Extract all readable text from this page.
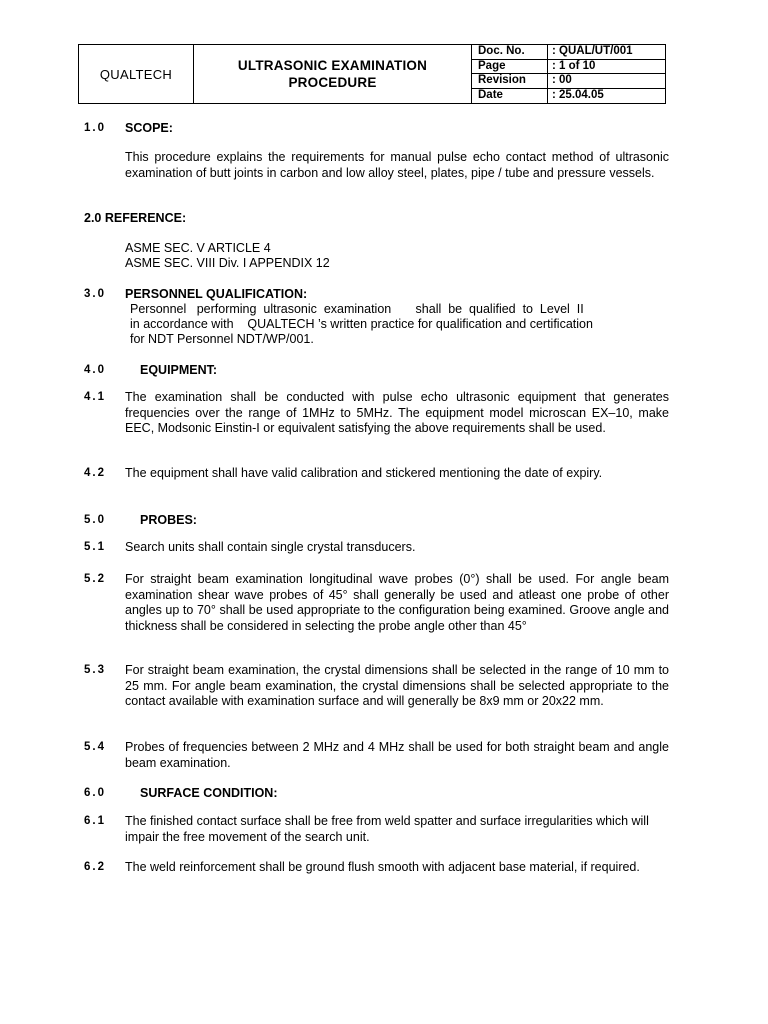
QUALTECH
ULTRASONIC EXAMINATION
PROCEDURE
Doc. No.	: QUAL/UT/001
Page	: 1 of 10
Revision	: 00
Date	: 25.04.05
1.0 SCOPE:
This procedure explains the requirements for manual pulse echo contact method of ultrasonic examination of butt joints in carbon and low alloy steel, plates, pipe / tube and pressure vessels.
2.0 REFERENCE:
ASME SEC. V ARTICLE 4
ASME SEC. VIII Div. I APPENDIX 12
3.0 PERSONNEL QUALIFICATION:
Personnel   performing  ultrasonic  examination       shall  be  qualified  to  Level  II
in accordance with    QUALTECH ’s written practice for qualification and certification
for NDT Personnel NDT/WP/001.
4.0	EQUIPMENT:
4.1 The examination shall be conducted with pulse echo ultrasonic equipment that generates frequencies over the range of 1MHz to 5MHz. The equipment model microscan EX–10, make EEC, Modsonic Einstin-I or equivalent satisfying the above requirements shall be used.
4.2 The equipment shall have valid calibration and stickered mentioning the date of expiry.
5.0	PROBES:
5.1 Search units shall contain single crystal transducers.
5.2 For straight beam examination longitudinal wave probes (0°) shall be used. For angle beam examination shear wave probes of 45° shall generally be used and atleast one probe of other angles up to 70° shall be used appropriate to the configuration being examined. Groove angle and thickness shall be considered in selecting the probe angle other than 45°
5.3 For straight beam examination, the crystal dimensions shall be selected in the range of 10 mm to 25 mm. For angle beam examination, the crystal dimensions shall be selected appropriate to the contact available with examination surface and will generally be 8x9 mm or 20x22 mm.
5.4 Probes of frequencies between 2 MHz and 4 MHz shall be used for both straight beam and angle beam examination.
6.0	SURFACE CONDITION:
6.1 The finished contact surface shall be free from weld spatter and surface irregularities which will impair the free movement of the search unit.
6.2 The weld reinforcement shall be ground flush smooth with adjacent base material, if required.
